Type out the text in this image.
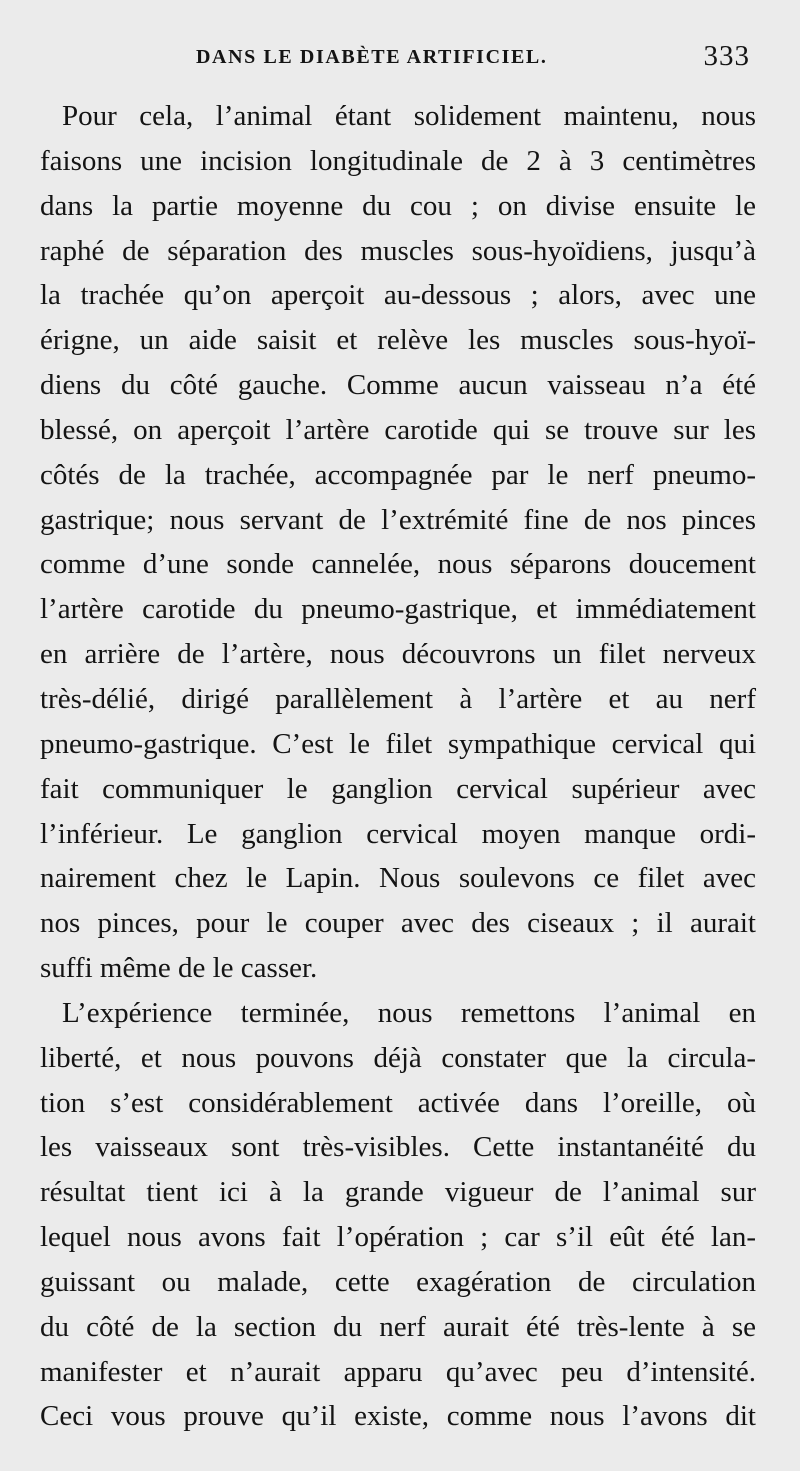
DANS LE DIABÈTE ARTIFICIEL.	333
Pour cela, l’animal étant solidement maintenu, nous
faisons une incision longitudinale de 2 à 3 centimètres
dans la partie moyenne du cou ; on divise ensuite le
raphé de séparation des muscles sous-hyoïdiens, jusqu’à
la trachée qu’on aperçoit au-dessous ; alors, avec une
érigne, un aide saisit et relève les muscles sous-hyoï-
diens du côté gauche. Comme aucun vaisseau n’a été
blessé, on aperçoit l’artère carotide qui se trouve sur les
côtés de la trachée, accompagnée par le nerf pneumo-
gastrique; nous servant de l’extrémité fine de nos pinces
comme d’une sonde cannelée, nous séparons doucement
l’artère carotide du pneumo-gastrique, et immédiatement
en arrière de l’artère, nous découvrons un filet nerveux
très-délié, dirigé parallèlement à l’artère et au nerf
pneumo-gastrique. C’est le filet sympathique cervical qui
fait communiquer le ganglion cervical supérieur avec
l’inférieur. Le ganglion cervical moyen manque ordi-
nairement chez le Lapin. Nous soulevons ce filet avec
nos pinces, pour le couper avec des ciseaux ; il aurait
suffi même de le casser.
L’expérience terminée, nous remettons l’animal en
liberté, et nous pouvons déjà constater que la circula-
tion s’est considérablement activée dans l’oreille, où
les vaisseaux sont très-visibles. Cette instantanéité du
résultat tient ici à la grande vigueur de l’animal sur
lequel nous avons fait l’opération ; car s’il eût été lan-
guissant ou malade, cette exagération de circulation
du côté de la section du nerf aurait été très-lente à se
manifester et n’aurait apparu qu’avec peu d’intensité.
Ceci vous prouve qu’il existe, comme nous l’avons dit
